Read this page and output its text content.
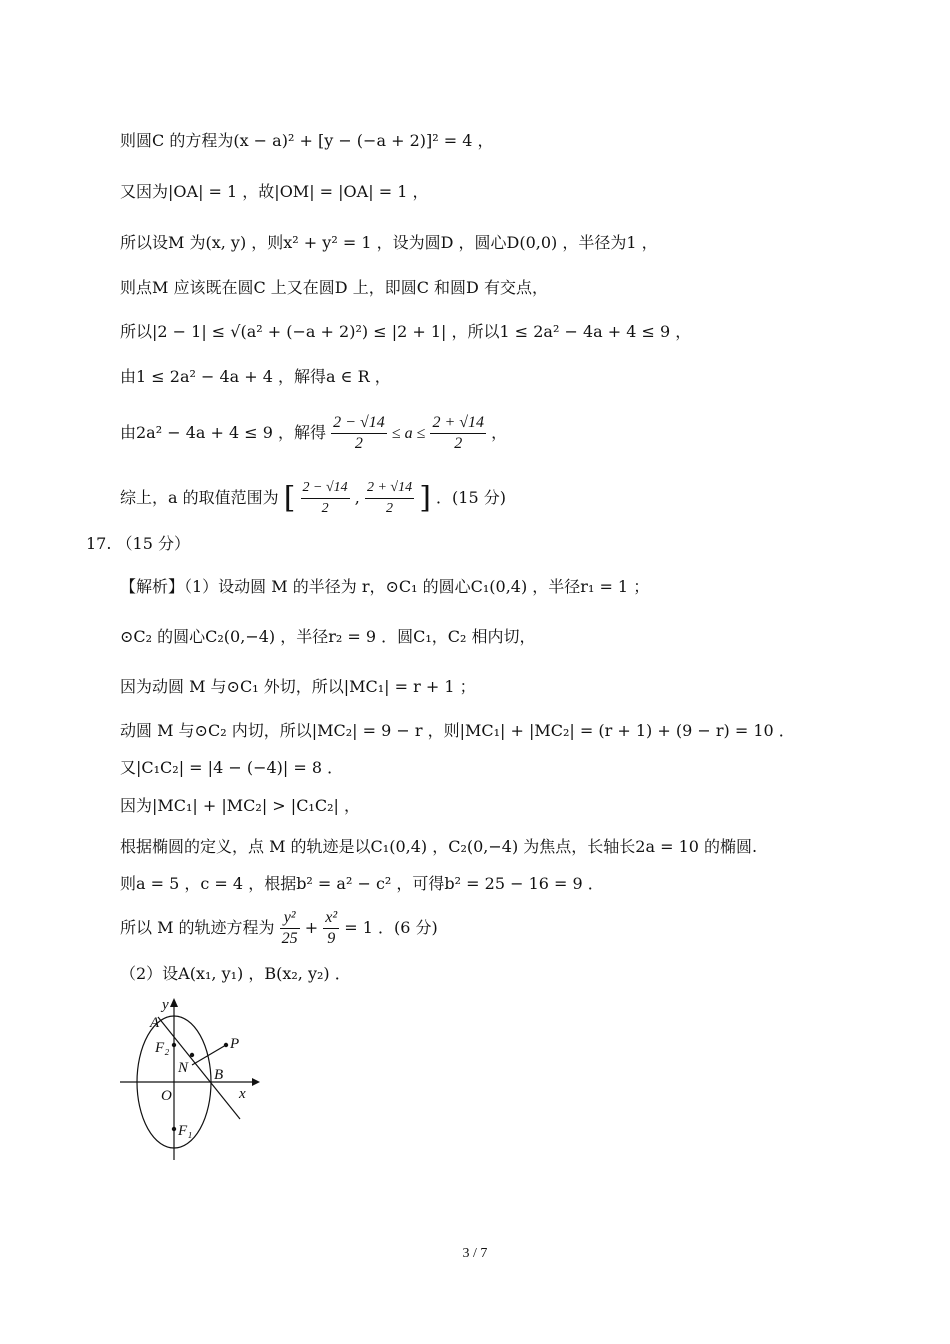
则圆C 的方程为(x − a)² + [y − (−a + 2)]² = 4 ，
又因为|OA| = 1 ，故|OM| = |OA| = 1 ，
所以设M 为(x, y) ，则x² + y² = 1 ，设为圆D ，圆心D(0,0) ，半径为1 ，
则点M 应该既在圆C 上又在圆D 上，即圆C 和圆D 有交点，
所以|2 − 1| ≤ √(a² + (−a + 2)²) ≤ |2 + 1| ，所以1 ≤ 2a² − 4a + 4 ≤ 9 ，
由1 ≤ 2a² − 4a + 4 ，解得a ∈ R ，
由2a² − 4a + 4 ≤ 9 ，解得 $\frac{2 - √14}{2} \le a \le \frac{2 + √14}{2}$ ，
综上，a 的取值范围为 [ $\frac{2 - √14}{2}$ , $\frac{2 + √14}{2}$ ] ．(15 分)
17. （15 分）
【解析】（1）设动圆 M 的半径为 r，⊙C₁ 的圆心C₁(0,4) ，半径r₁ = 1 ；
⊙C₂ 的圆心C₂(0,−4) ，半径r₂ = 9 ．圆C₁，C₂ 相内切，
因为动圆 M 与⊙C₁ 外切，所以|MC₁| = r + 1 ；
动圆 M 与⊙C₂ 内切，所以|MC₂| = 9 − r ，则|MC₁| + |MC₂| = (r + 1) + (9 − r) = 10 ．
又|C₁C₂| = |4 − (−4)| = 8 ．
因为|MC₁| + |MC₂| > |C₁C₂| ，
根据椭圆的定义，点 M 的轨迹是以C₁(0,4) ，C₂(0,−4) 为焦点，长轴长2a = 10 的椭圆.
则a = 5 ，c = 4 ，根据b² = a² − c² ，可得b² = 25 − 16 = 9 ．
所以 M 的轨迹方程为 $\frac{\text{y²}}{25} + \frac{\text{x²}}{9} = 1$ ．(6 分)
（2）设A(x₁, y₁) ，B(x₂, y₂) ．
y
x
A
F₂
N
P
B
O
F₁
3 / 7
